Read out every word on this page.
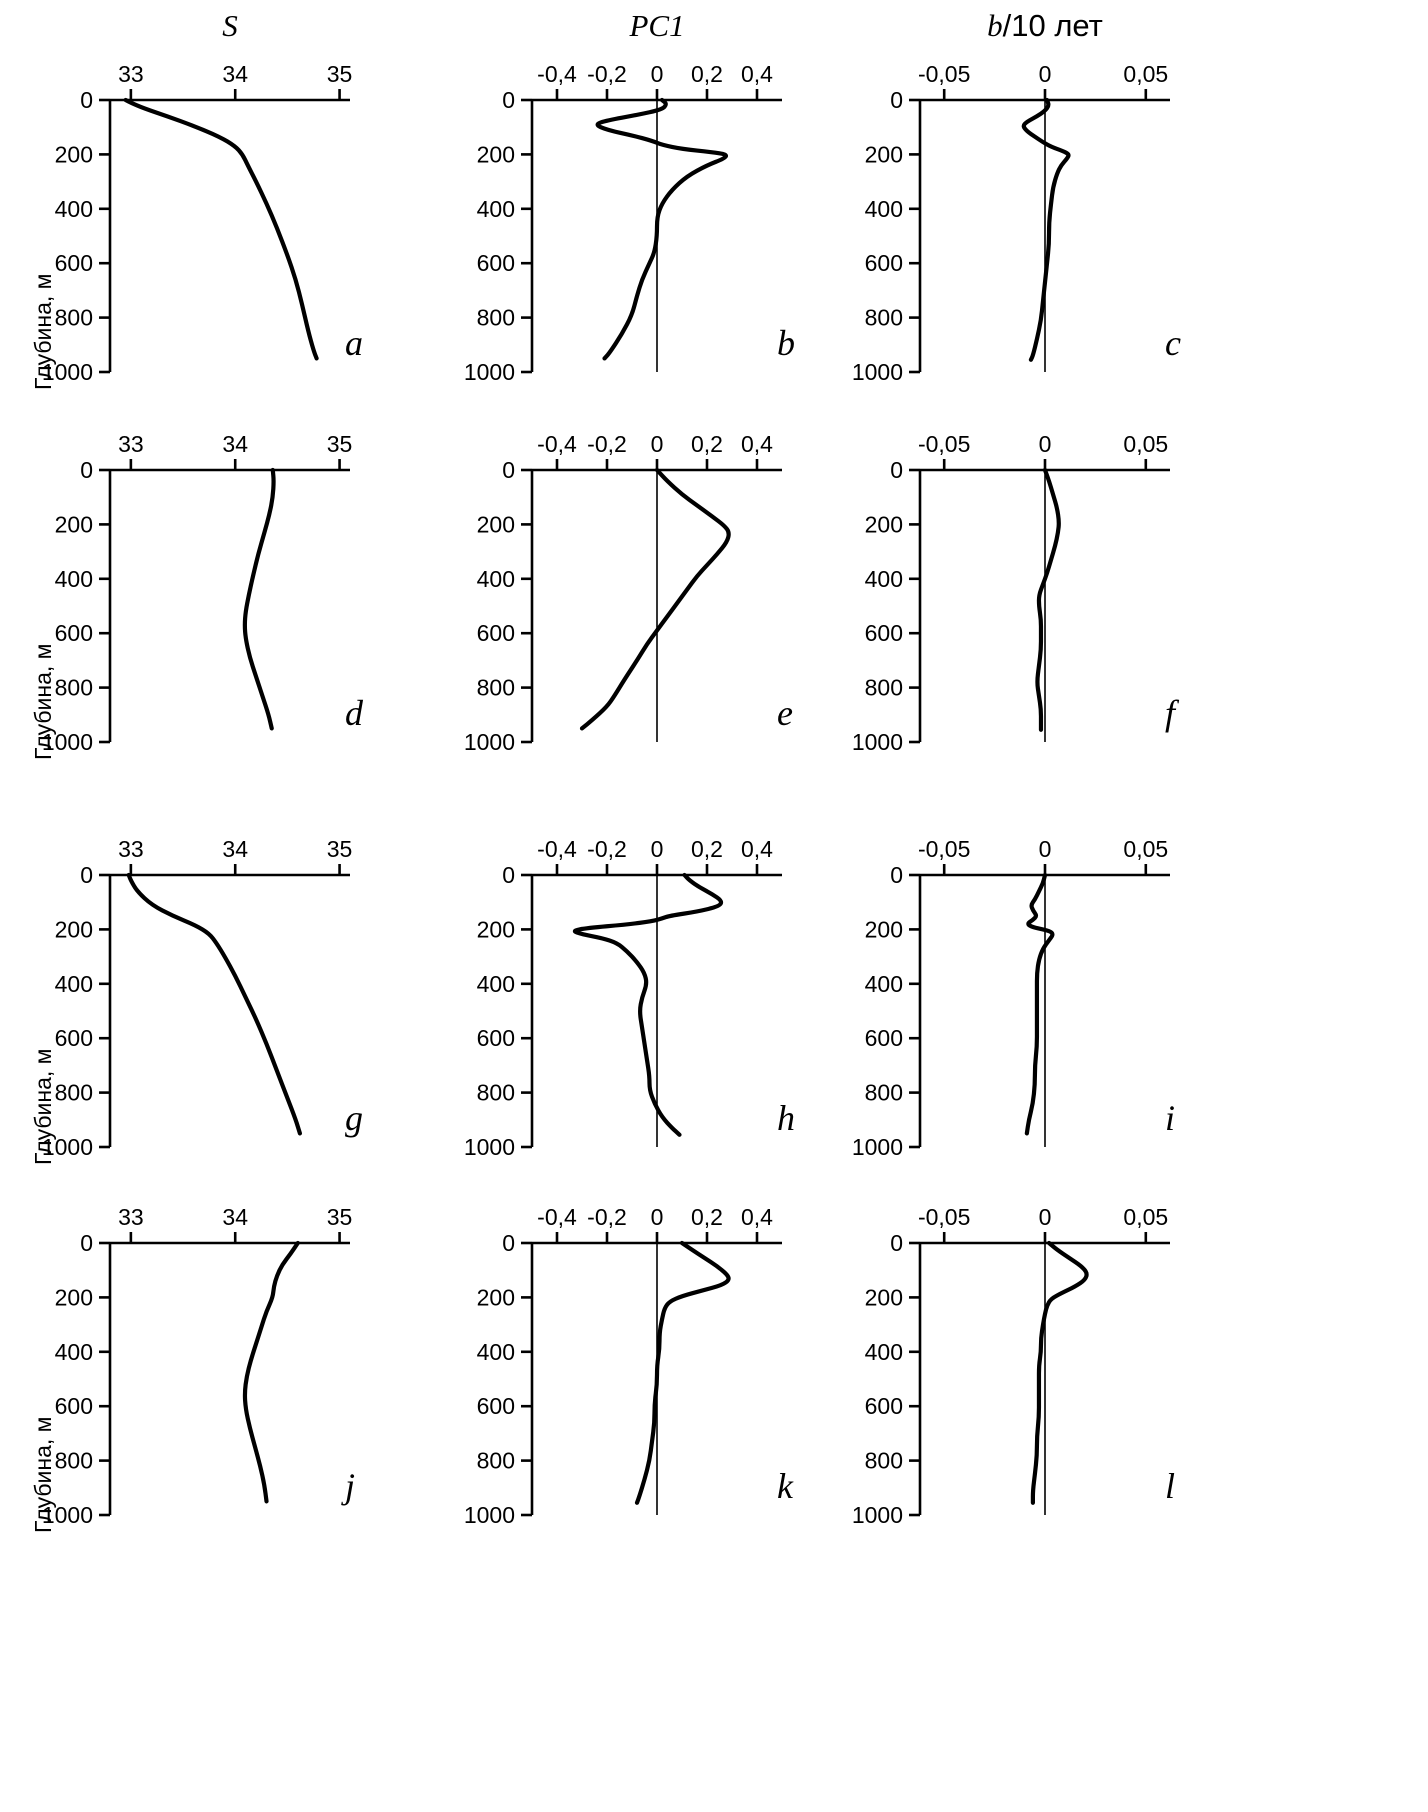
S	PC1	b/10 лет
Глубина, м
Глубина, м
Глубина, м
Глубина, м
33	34	35
0
200
400
600
800
1000
a
-0,4 -0,2 0 0,2 0,4
0
200
400
600
800
1000
b
-0,05	0	0,05
0
200
400
600
800
1000
c
33	34	35
0
200
400
600
800
1000
d
-0,4 -0,2 0 0,2 0,4
0
200
400
600
800
1000
e
-0,05	0	0,05
0
200
400
600
800
1000
f
33	34	35
0
200
400
600
800
1000
g
-0,4 -0,2 0 0,2 0,4
0
200
400
600
800
1000
h
-0,05	0	0,05
0
200
400
600
800
1000
i
33	34	35
0
200
400
600
800
1000
j
-0,4 -0,2 0 0,2 0,4
0
200
400
600
800
1000
k
-0,05	0	0,05
0
200
400
600
800
1000
l
